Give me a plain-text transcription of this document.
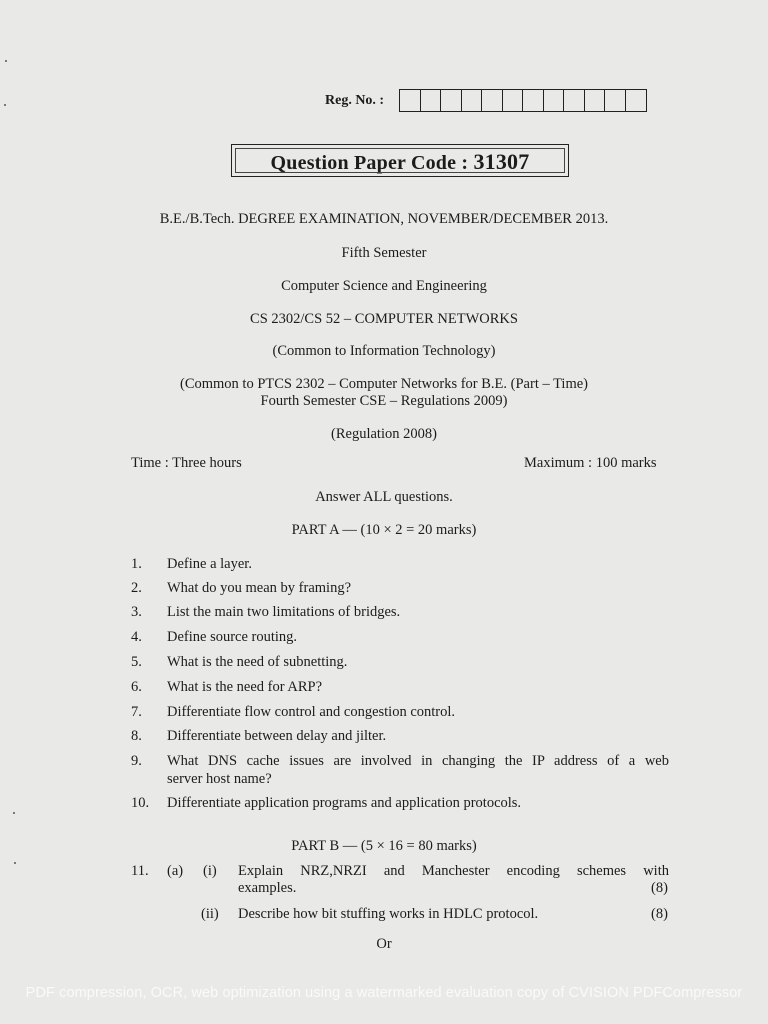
Reg. No. :
Question Paper Code : 31307
B.E./B.Tech. DEGREE EXAMINATION, NOVEMBER/DECEMBER 2013.
Fifth Semester
Computer Science and Engineering
CS 2302/CS 52 – COMPUTER NETWORKS
(Common to Information Technology)
(Common to PTCS 2302 – Computer Networks for B.E. (Part – Time)
Fourth Semester CSE – Regulations 2009)
(Regulation 2008)
Time : Three hours	Maximum : 100 marks
Answer ALL questions.
PART A — (10 × 2 = 20 marks)
1. Define a layer.
2. What do you mean by framing?
3. List the main two limitations of bridges.
4. Define source routing.
5. What is the need of subnetting.
6. What is the need for ARP?
7. Differentiate flow control and congestion control.
8. Differentiate between delay and jilter.
9. What DNS cache issues are involved in changing the IP address of a web
server host name?
10. Differentiate application programs and application protocols.
PART B — (5 × 16 = 80 marks)
11. (a) (i) Explain NRZ,NRZI and Manchester encoding schemes with
examples.	(8)
(ii) Describe how bit stuffing works in HDLC protocol.	(8)
Or
PDF compression, OCR, web optimization using a watermarked evaluation copy of CVISION PDFCompressor
